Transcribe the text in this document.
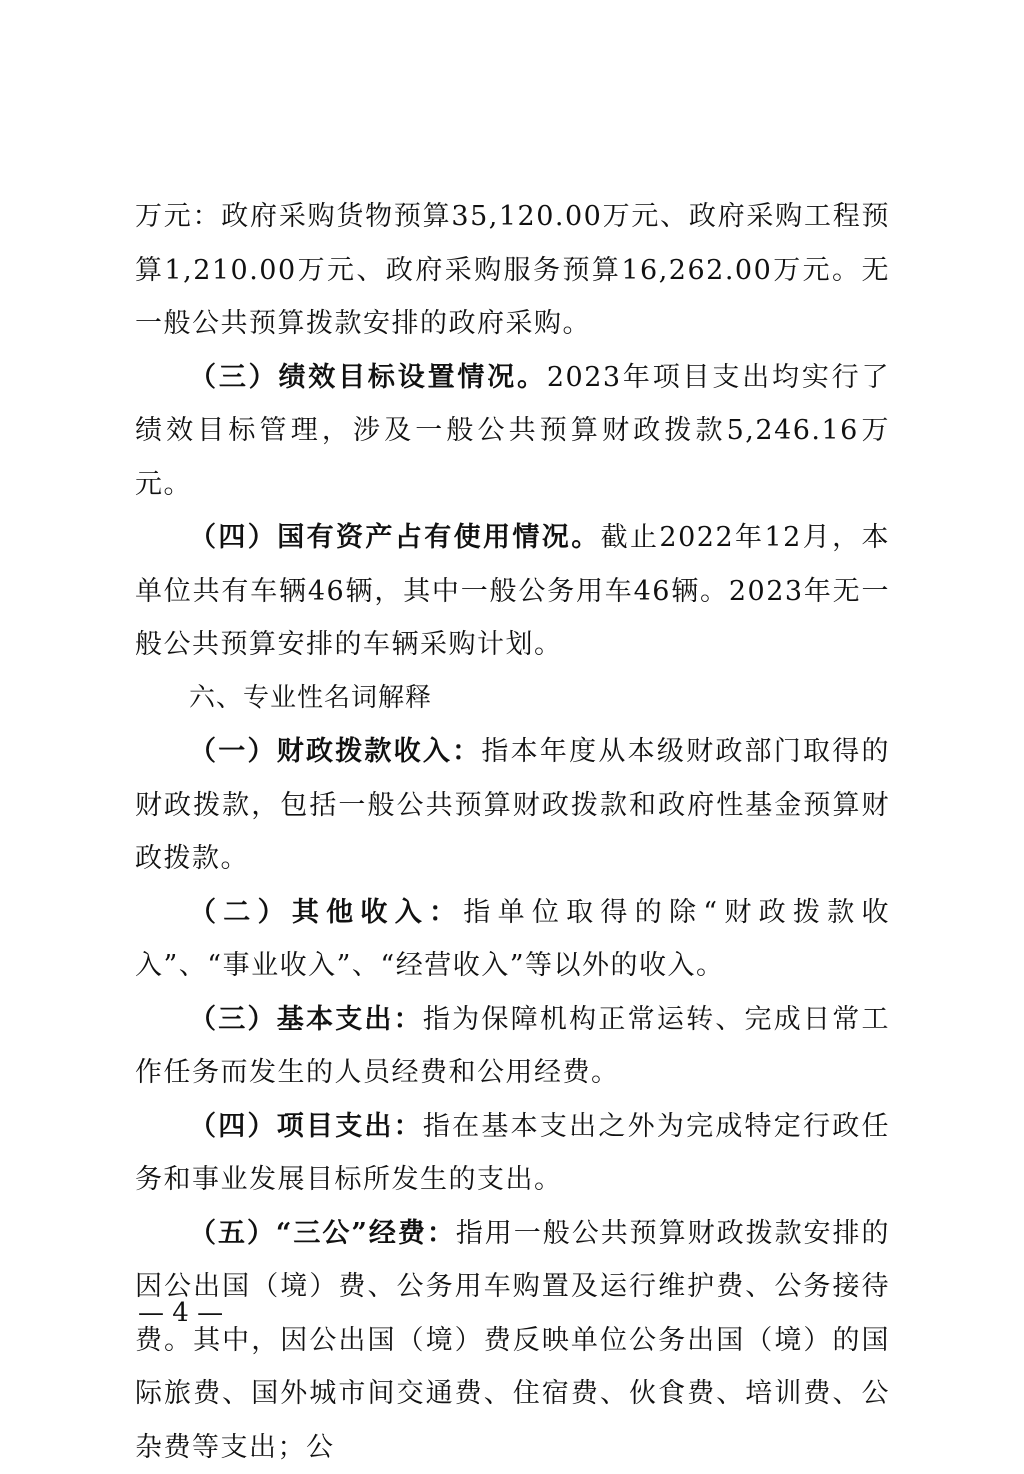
万元：政府采购货物预算35,120.00万元、政府采购工程预算1,210.00万元、政府采购服务预算16,262.00万元。无一般公共预算拨款安排的政府采购。

（三）绩效目标设置情况。2023年项目支出均实行了绩效目标管理，涉及一般公共预算财政拨款5,246.16万元。

（四）国有资产占有使用情况。截止2022年12月，本单位共有车辆46辆，其中一般公务用车46辆。2023年无一般公共预算安排的车辆采购计划。

六、专业性名词解释

（一）财政拨款收入：指本年度从本级财政部门取得的财政拨款，包括一般公共预算财政拨款和政府性基金预算财政拨款。

（二）其他收入：指单位取得的除“财政拨款收入”、“事业收入”、“经营收入”等以外的收入。

（三）基本支出：指为保障机构正常运转、完成日常工作任务而发生的人员经费和公用经费。

（四）项目支出：指在基本支出之外为完成特定行政任务和事业发展目标所发生的支出。

（五）“三公”经费：指用一般公共预算财政拨款安排的因公出国（境）费、公务用车购置及运行维护费、公务接待费。其中，因公出国（境）费反映单位公务出国（境）的国际旅费、国外城市间交通费、住宿费、伙食费、培训费、公杂费等支出；公

— 4 —
